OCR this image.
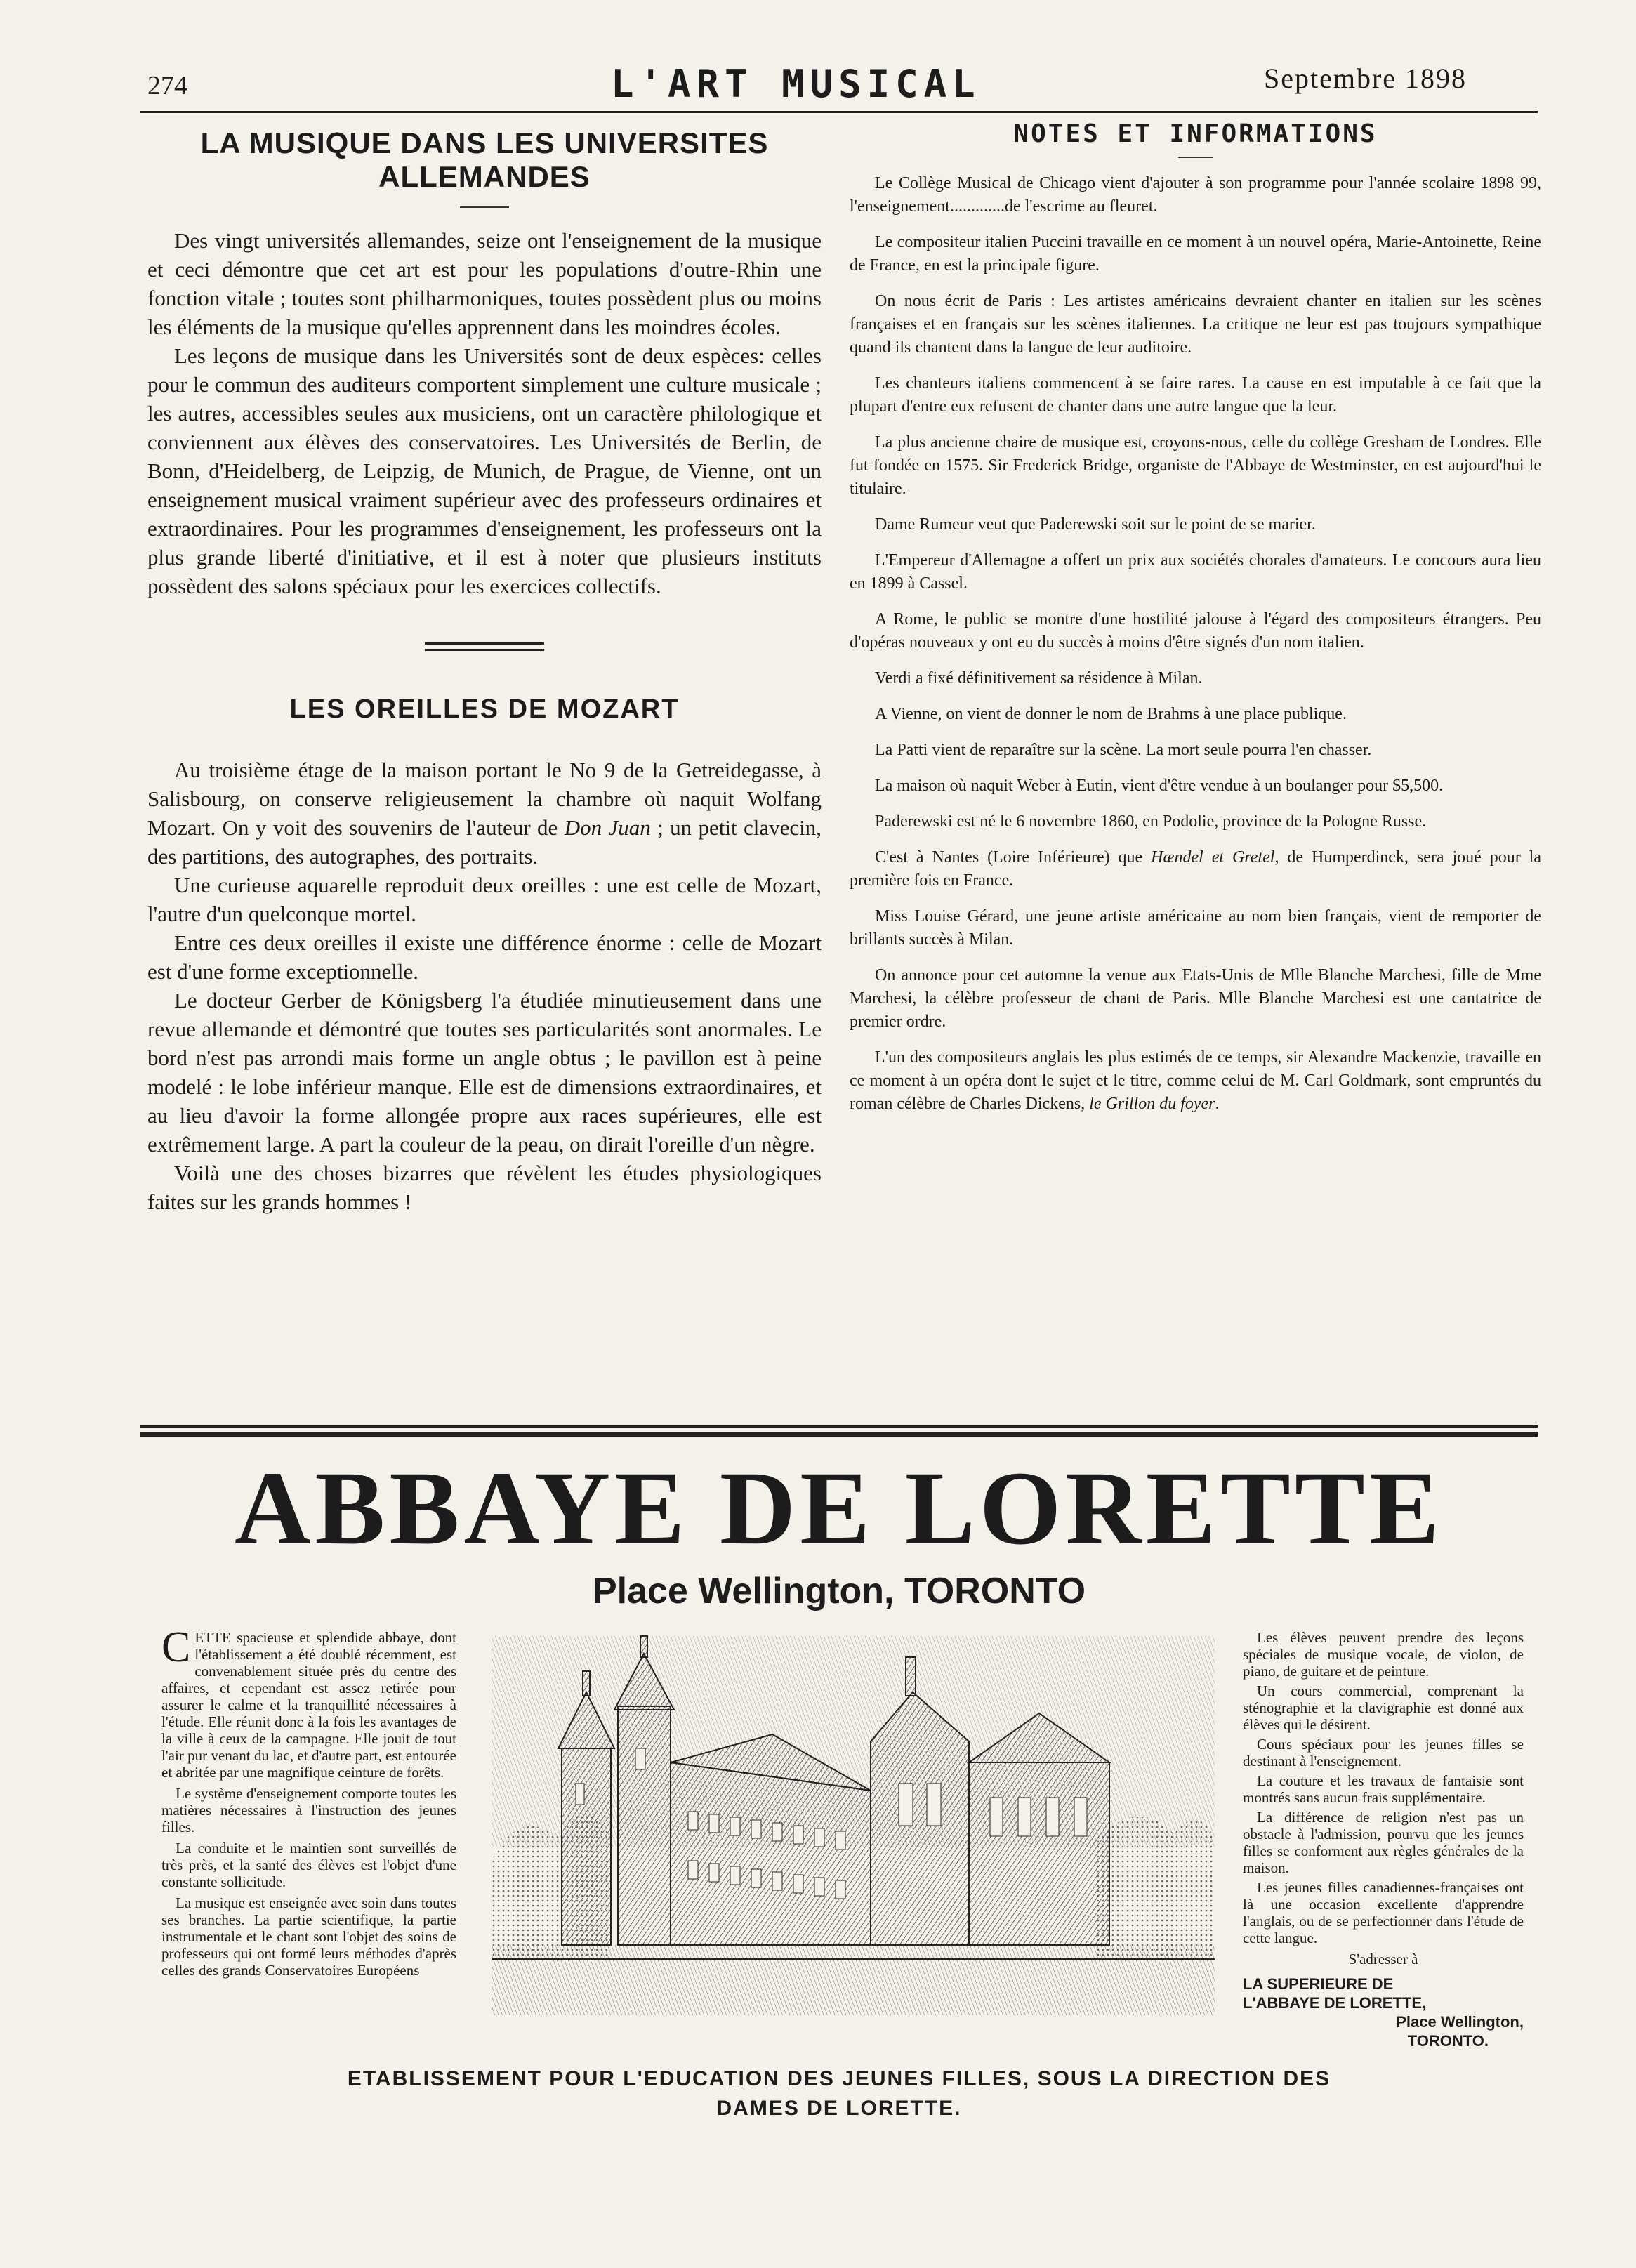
274	L'ART MUSICAL	Septembre 1898
LA MUSIQUE DANS LES UNIVERSITES ALLEMANDES

Des vingt universités allemandes, seize ont l'enseignement de la musique et ceci démontre que cet art est pour les populations d'outre-Rhin une fonction vitale ; toutes sont philharmoniques, toutes possèdent plus ou moins les éléments de la musique qu'elles apprennent dans les moindres écoles.

Les leçons de musique dans les Universités sont de deux espèces: celles pour le commun des auditeurs comportent simplement une culture musicale ; les autres, accessibles seules aux musiciens, ont un caractère philologique et conviennent aux élèves des conservatoires. Les Universités de Berlin, de Bonn, d'Heidelberg, de Leipzig, de Munich, de Prague, de Vienne, ont un enseignement musical vraiment supérieur avec des professeurs ordinaires et extraordinaires. Pour les programmes d'enseignement, les professeurs ont la plus grande liberté d'initiative, et il est à noter que plusieurs instituts possèdent des salons spéciaux pour les exercices collectifs.

LES OREILLES DE MOZART

Au troisième étage de la maison portant le No 9 de la Getreidegasse, à Salisbourg, on conserve religieusement la chambre où naquit Wolfang Mozart. On y voit des souvenirs de l'auteur de Don Juan ; un petit clavecin, des partitions, des autographes, des portraits.

Une curieuse aquarelle reproduit deux oreilles : une est celle de Mozart, l'autre d'un quelconque mortel.

Entre ces deux oreilles il existe une différence énorme : celle de Mozart est d'une forme exceptionnelle.

Le docteur Gerber de Königsberg l'a étudiée minutieusement dans une revue allemande et démontré que toutes ses particularités sont anormales. Le bord n'est pas arrondi mais forme un angle obtus ; le pavillon est à peine modelé : le lobe inférieur manque. Elle est de dimensions extraordinaires, et au lieu d'avoir la forme allongée propre aux races supérieures, elle est extrêmement large. A part la couleur de la peau, on dirait l'oreille d'un nègre.

Voilà une des choses bizarres que révèlent les études physiologiques faites sur les grands hommes !

NOTES ET INFORMATIONS

Le Collège Musical de Chicago vient d'ajouter à son programme pour l'année scolaire 1898 99, l'enseignement.............de l'escrime au fleuret.

Le compositeur italien Puccini travaille en ce moment à un nouvel opéra, Marie-Antoinette, Reine de France, en est la principale figure.

On nous écrit de Paris : Les artistes américains devraient chanter en italien sur les scènes françaises et en français sur les scènes italiennes. La critique ne leur est pas toujours sympathique quand ils chantent dans la langue de leur auditoire.

Les chanteurs italiens commencent à se faire rares. La cause en est imputable à ce fait que la plupart d'entre eux refusent de chanter dans une autre langue que la leur.

La plus ancienne chaire de musique est, croyons-nous, celle du collège Gresham de Londres. Elle fut fondée en 1575. Sir Frederick Bridge, organiste de l'Abbaye de Westminster, en est aujourd'hui le titulaire.

Dame Rumeur veut que Paderewski soit sur le point de se marier.

L'Empereur d'Allemagne a offert un prix aux sociétés chorales d'amateurs. Le concours aura lieu en 1899 à Cassel.

A Rome, le public se montre d'une hostilité jalouse à l'égard des compositeurs étrangers. Peu d'opéras nouveaux y ont eu du succès à moins d'être signés d'un nom italien.

Verdi a fixé définitivement sa résidence à Milan.

A Vienne, on vient de donner le nom de Brahms à une place publique.

La Patti vient de reparaître sur la scène. La mort seule pourra l'en chasser.

La maison où naquit Weber à Eutin, vient d'être vendue à un boulanger pour $5,500.

Paderewski est né le 6 novembre 1860, en Podolie, province de la Pologne Russe.

C'est à Nantes (Loire Inférieure) que Hændel et Gretel, de Humperdinck, sera joué pour la première fois en France.

Miss Louise Gérard, une jeune artiste américaine au nom bien français, vient de remporter de brillants succès à Milan.

On annonce pour cet automne la venue aux Etats-Unis de Mlle Blanche Marchesi, fille de Mme Marchesi, la célèbre professeur de chant de Paris. Mlle Blanche Marchesi est une cantatrice de premier ordre.

L'un des compositeurs anglais les plus estimés de ce temps, sir Alexandre Mackenzie, travaille en ce moment à un opéra dont le sujet et le titre, comme celui de M. Carl Goldmark, sont empruntés du roman célèbre de Charles Dickens, le Grillon du foyer.

ABBAYE DE LORETTE
Place Wellington, TORONTO

CETTE spacieuse et splendide abbaye, dont l'établissement a été doublé récemment, est convenablement située près du centre des affaires, et cependant est assez retirée pour assurer le calme et la tranquillité nécessaires à l'étude. Elle réunit donc à la fois les avantages de la ville à ceux de la campagne. Elle jouit de tout l'air pur venant du lac, et d'autre part, est entourée et abritée par une magnifique ceinture de forêts.

Le système d'enseignement comporte toutes les matières nécessaires à l'instruction des jeunes filles.

La conduite et le maintien sont surveillés de très près, et la santé des élèves est l'objet d'une constante sollicitude.

La musique est enseignée avec soin dans toutes ses branches. La partie scientifique, la partie instrumentale et le chant sont l'objet des soins de professeurs qui ont formé leurs méthodes d'après celles des grands Conservatoires Européens

Les élèves peuvent prendre des leçons spéciales de musique vocale, de violon, de piano, de guitare et de peinture.

Un cours commercial, comprenant la sténographie et la clavigraphie est donné aux élèves qui le désirent.

Cours spéciaux pour les jeunes filles se destinant à l'enseignement.

La couture et les travaux de fantaisie sont montrés sans aucun frais supplémentaire.

La différence de religion n'est pas un obstacle à l'admission, pourvu que les jeunes filles se conforment aux règles générales de la maison.

Les jeunes filles canadiennes-françaises ont là une occasion excellente d'apprendre l'anglais, ou de se perfectionner dans l'étude de cette langue.

S'adresser à
LA SUPERIEURE DE
L'ABBAYE DE LORETTE,
Place Wellington,
TORONTO.
ETABLISSEMENT POUR L'EDUCATION DES JEUNES FILLES, SOUS LA DIRECTION DES
DAMES DE LORETTE.
